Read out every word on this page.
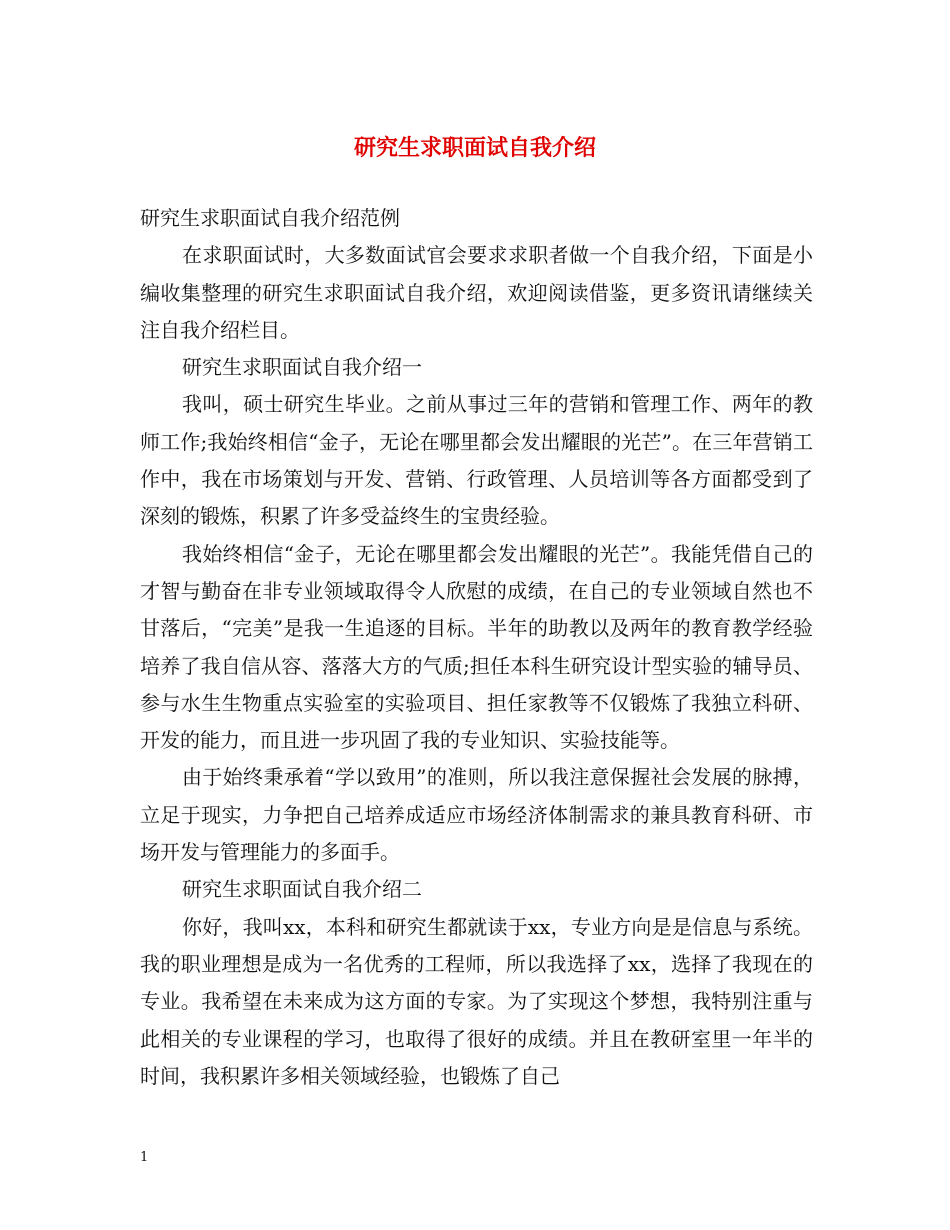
研究生求职面试自我介绍

研究生求职面试自我介绍范例

在求职面试时，大多数面试官会要求求职者做一个自我介绍，下面是小编收集整理的研究生求职面试自我介绍，欢迎阅读借鉴，更多资讯请继续关注自我介绍栏目。

研究生求职面试自我介绍一

我叫，硕士研究生毕业。之前从事过三年的营销和管理工作、两年的教师工作;我始终相信“金子，无论在哪里都会发出耀眼的光芒”。在三年营销工作中，我在市场策划与开发、营销、行政管理、人员培训等各方面都受到了深刻的锻炼，积累了许多受益终生的宝贵经验。

我始终相信“金子，无论在哪里都会发出耀眼的光芒”。我能凭借自己的才智与勤奋在非专业领域取得令人欣慰的成绩，在自己的专业领域自然也不甘落后，“完美”是我一生追逐的目标。半年的助教以及两年的教育教学经验培养了我自信从容、落落大方的气质;担任本科生研究设计型实验的辅导员、参与水生生物重点实验室的实验项目、担任家教等不仅锻炼了我独立科研、开发的能力，而且进一步巩固了我的专业知识、实验技能等。

由于始终秉承着“学以致用”的准则，所以我注意保握社会发展的脉搏，立足于现实，力争把自己培养成适应市场经济体制需求的兼具教育科研、市场开发与管理能力的多面手。

研究生求职面试自我介绍二

你好，我叫xx，本科和研究生都就读于xx，专业方向是是信息与系统。我的职业理想是成为一名优秀的工程师，所以我选择了xx，选择了我现在的专业。我希望在未来成为这方面的专家。为了实现这个梦想，我特别注重与此相关的专业课程的学习，也取得了很好的成绩。并且在教研室里一年半的时间，我积累许多相关领域经验，也锻炼了自己

1
